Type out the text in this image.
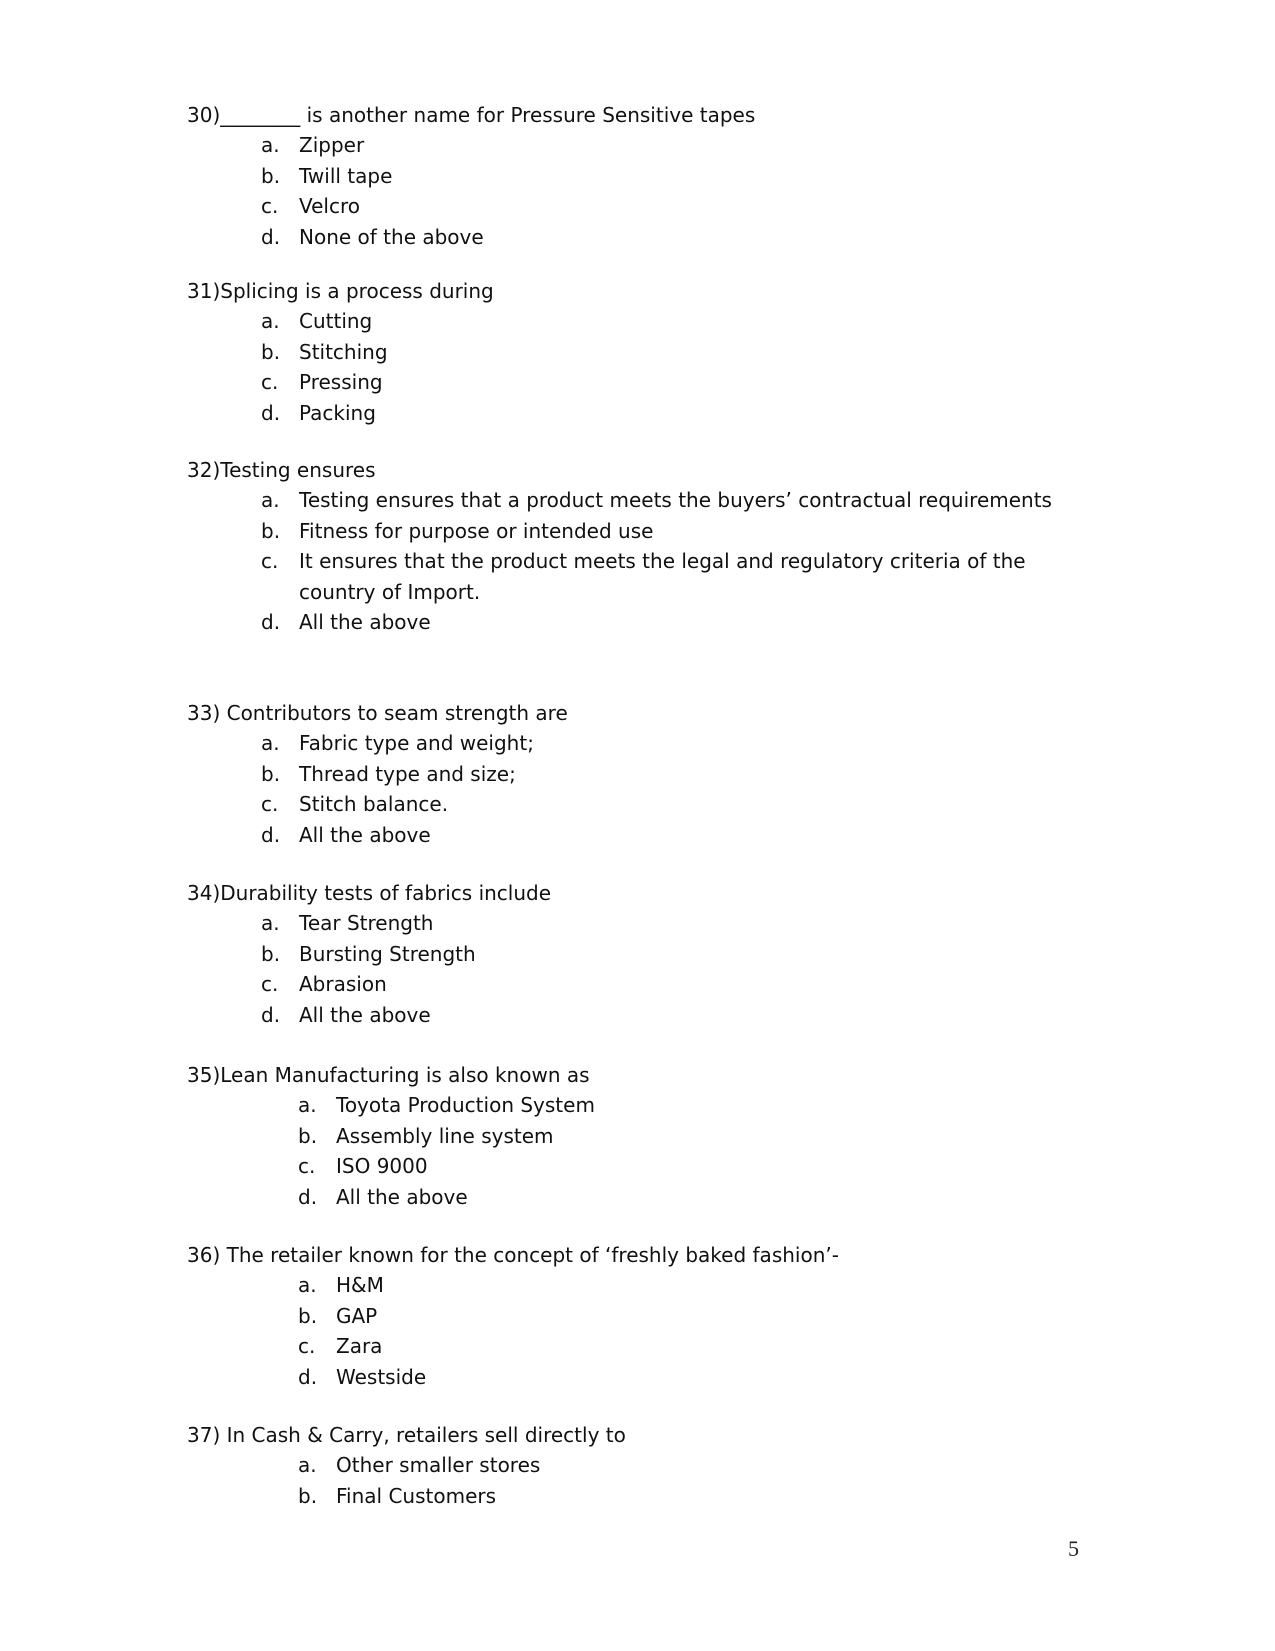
30)________ is another name for Pressure Sensitive tapes
a. Zipper
b. Twill tape
c. Velcro
d. None of the above
31)Splicing is a process during
a. Cutting
b. Stitching
c. Pressing
d. Packing
32)Testing ensures
a. Testing ensures that a product meets the buyers’ contractual requirements
b. Fitness for purpose or intended use
c. It ensures that the product meets the legal and regulatory criteria of the country of Import.
d. All the above
33) Contributors to seam strength are
a. Fabric type and weight;
b. Thread type and size;
c. Stitch balance.
d. All the above
34)Durability tests of fabrics include
a. Tear Strength
b. Bursting Strength
c. Abrasion
d. All the above
35)Lean Manufacturing is also known as
a. Toyota Production System
b. Assembly line system
c. ISO 9000
d. All the above
36) The retailer known for the concept of ‘freshly baked fashion’-
a. H&M
b. GAP
c. Zara
d. Westside
37) In Cash & Carry, retailers sell directly to
a. Other smaller stores
b. Final Customers
5
